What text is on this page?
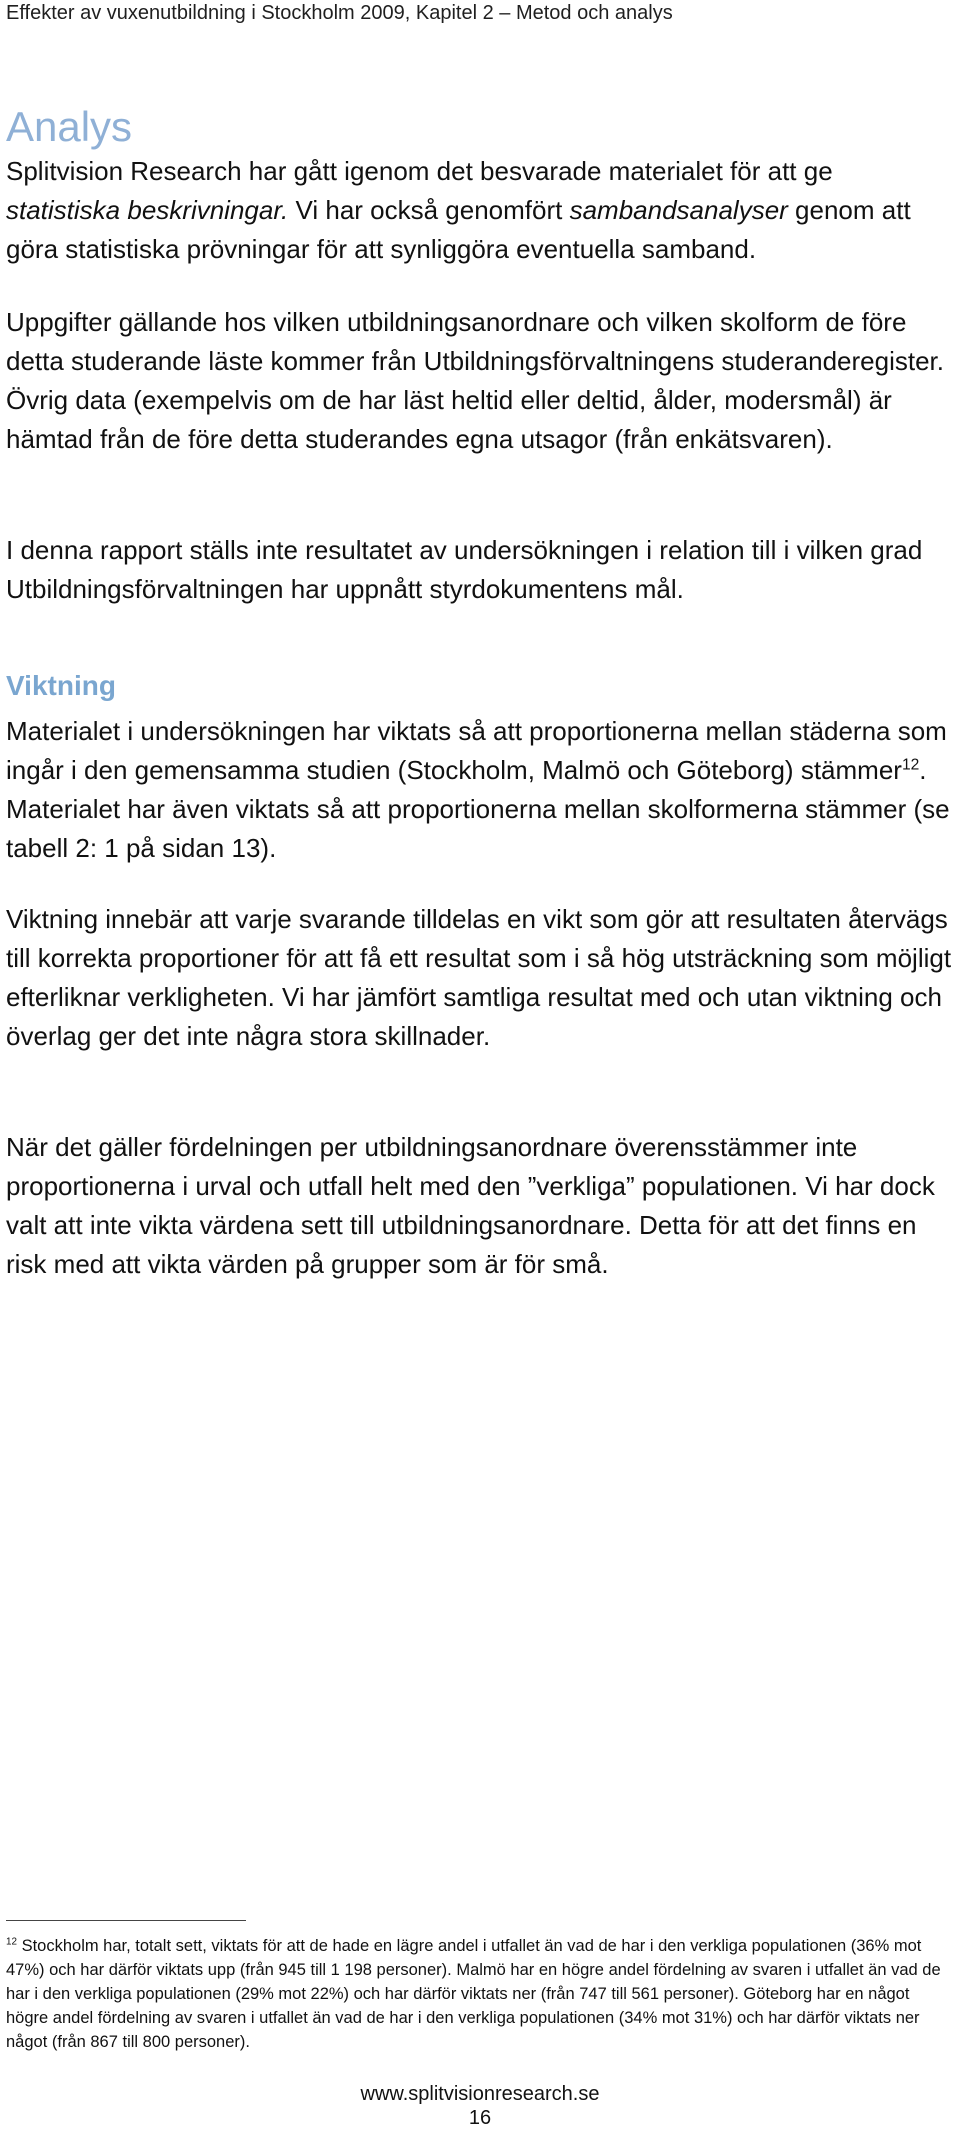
Effekter av vuxenutbildning i Stockholm 2009, Kapitel 2 – Metod och analys
Analys

Splitvision Research har gått igenom det besvarade materialet för att ge statistiska beskrivningar. Vi har också genomfört sambandsanalyser genom att göra statistiska prövningar för att synliggöra eventuella samband.

Uppgifter gällande hos vilken utbildningsanordnare och vilken skolform de före detta studerande läste kommer från Utbildningsförvaltningens studeranderegister. Övrig data (exempelvis om de har läst heltid eller deltid, ålder, modersmål) är hämtad från de före detta studerandes egna utsagor (från enkätsvaren).

I denna rapport ställs inte resultatet av undersökningen i relation till i vilken grad Utbildningsförvaltningen har uppnått styrdokumentens mål.

Viktning

Materialet i undersökningen har viktats så att proportionerna mellan städerna som ingår i den gemensamma studien (Stockholm, Malmö och Göteborg) stämmer$^{12}$. Materialet har även viktats så att proportionerna mellan skolformerna stämmer (se tabell 2: 1 på sidan 13).

Viktning innebär att varje svarande tilldelas en vikt som gör att resultaten återvägs till korrekta proportioner för att få ett resultat som i så hög utsträckning som möjligt efterliknar verkligheten. Vi har jämfört samtliga resultat med och utan viktning och överlag ger det inte några stora skillnader.

När det gäller fördelningen per utbildningsanordnare överensstämmer inte proportionerna i urval och utfall helt med den ”verkliga” populationen. Vi har dock valt att inte vikta värdena sett till utbildningsanordnare. Detta för att det finns en risk med att vikta värden på grupper som är för små.

$^{12}$ Stockholm har, totalt sett, viktats för att de hade en lägre andel i utfallet än vad de har i den verkliga populationen (36% mot 47%) och har därför viktats upp (från 945 till 1 198 personer). Malmö har en högre andel fördelning av svaren i utfallet än vad de har i den verkliga populationen (29% mot 22%) och har därför viktats ner (från 747 till 561 personer). Göteborg har en något högre andel fördelning av svaren i utfallet än vad de har i den verkliga populationen (34% mot 31%) och har därför viktats ner något (från 867 till 800 personer).

www.splitvisionresearch.se
16
